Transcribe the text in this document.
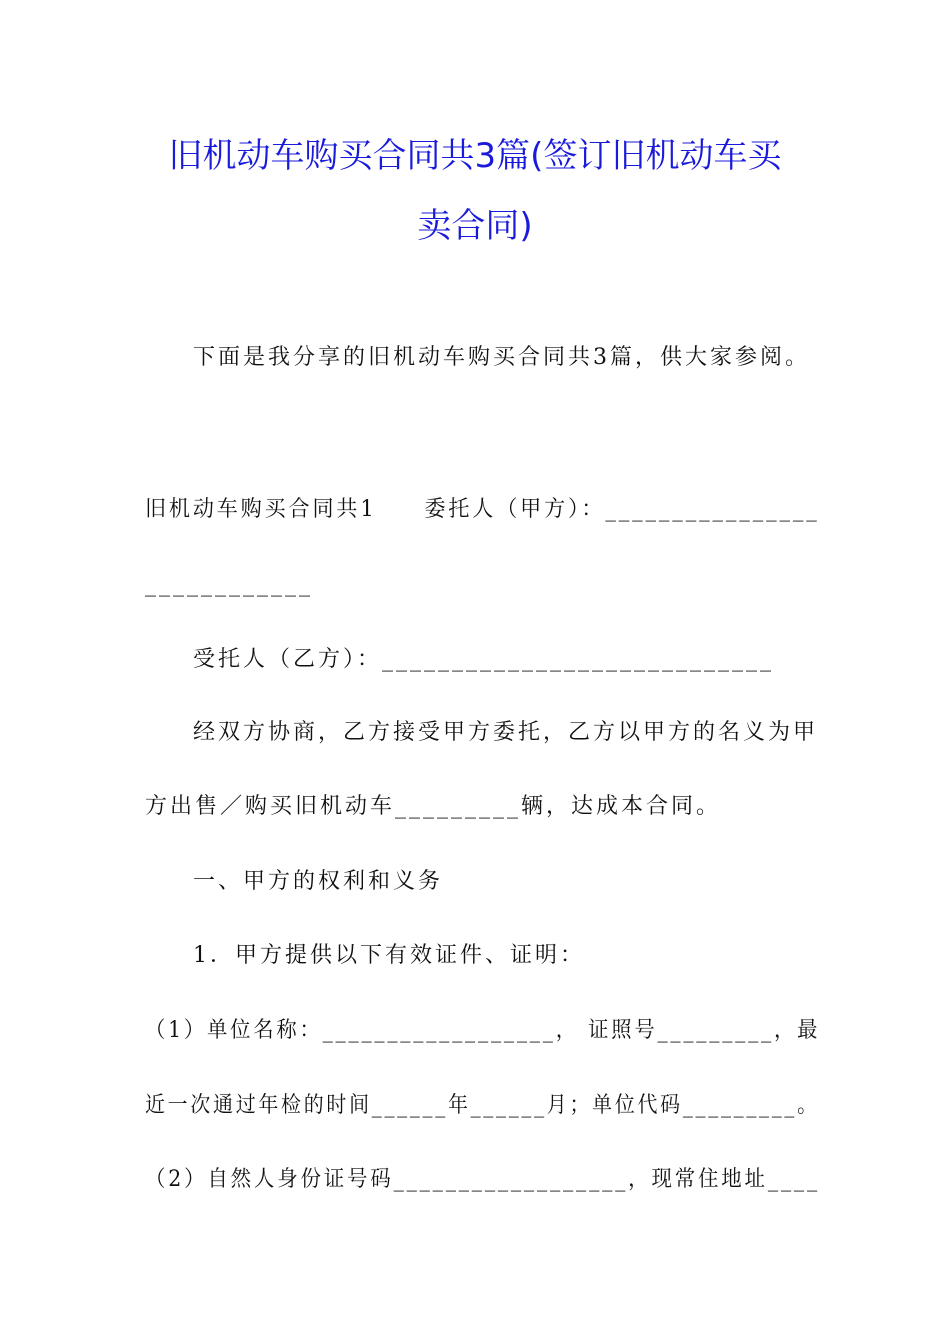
旧机动车购买合同共3篇(签订旧机动车买
卖合同)
下面是我分享的旧机动车购买合同共3篇，供大家参阅。
旧机动车购买合同共1　　委托人（甲方）：________________
____________
受托人（乙方）：____________________________
经双方协商，乙方接受甲方委托，乙方以甲方的名义为甲
方出售／购买旧机动车_________辆，达成本合同。
一、甲方的权利和义务
1．甲方提供以下有效证件、证明：
（1）单位名称：__________________， 证照号_________，最
近一次通过年检的时间______年______月；单位代码_________。
（2）自然人身份证号码__________________，现常住地址____
